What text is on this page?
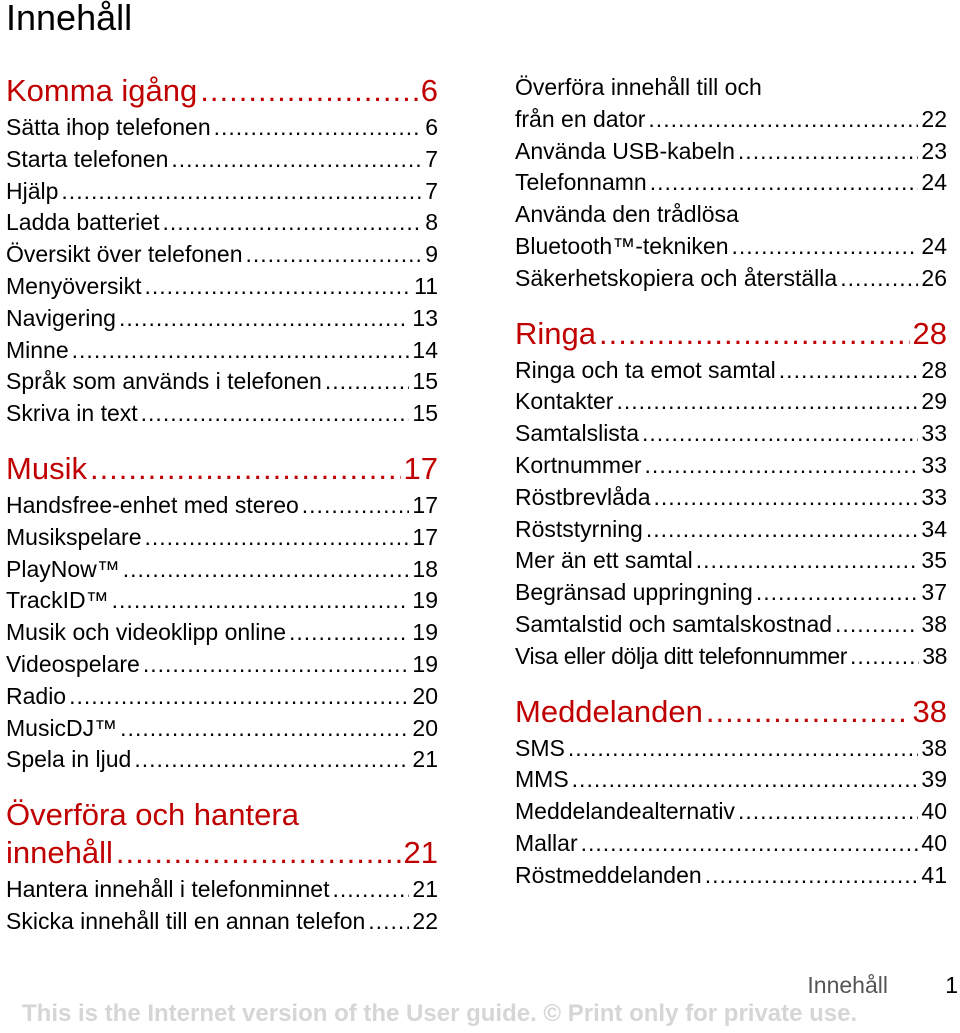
Innehåll
Komma igång .....	6
Sätta ihop telefonen .....	6
Starta telefonen .....	7
Hjälp .....	7
Ladda batteriet .....	8
Översikt över telefonen .....	9
Menyöversikt .....	11
Navigering .....	13
Minne .....	14
Språk som används i telefonen .....	15
Skriva in text .....	15
Musik .....	17
Handsfree-enhet med stereo .....	17
Musikspelare .....	17
PlayNow™ .....	18
TrackID™ .....	19
Musik och videoklipp online .....	19
Videospelare .....	19
Radio .....	20
MusicDJ™ .....	20
Spela in ljud .....	21
Överföra och hantera
innehåll .....	21
Hantera innehåll i telefonminnet .....	21
Skicka innehåll till en annan telefon ..... 22
Överföra innehåll till och
från en dator .....	22
Använda USB-kabeln .....	23
Telefonnamn .....	24
Använda den trådlösa
Bluetooth™-tekniken .....	24
Säkerhetskopiera och återställa .....	26
Ringa .....	28
Ringa och ta emot samtal .....	28
Kontakter .....	29
Samtalslista .....	33
Kortnummer .....	33
Röstbrevlåda .....	33
Röststyrning .....	34
Mer än ett samtal .....	35
Begränsad uppringning .....	37
Samtalstid och samtalskostnad .....	38
Visa eller dölja ditt telefonnummer .....	38
Meddelanden .....	38
SMS .....	38
MMS .....	39
Meddelandealternativ .....	40
Mallar .....	40
Röstmeddelanden .....	41
Innehåll 1
This is the Internet version of the User guide. © Print only for private use.
